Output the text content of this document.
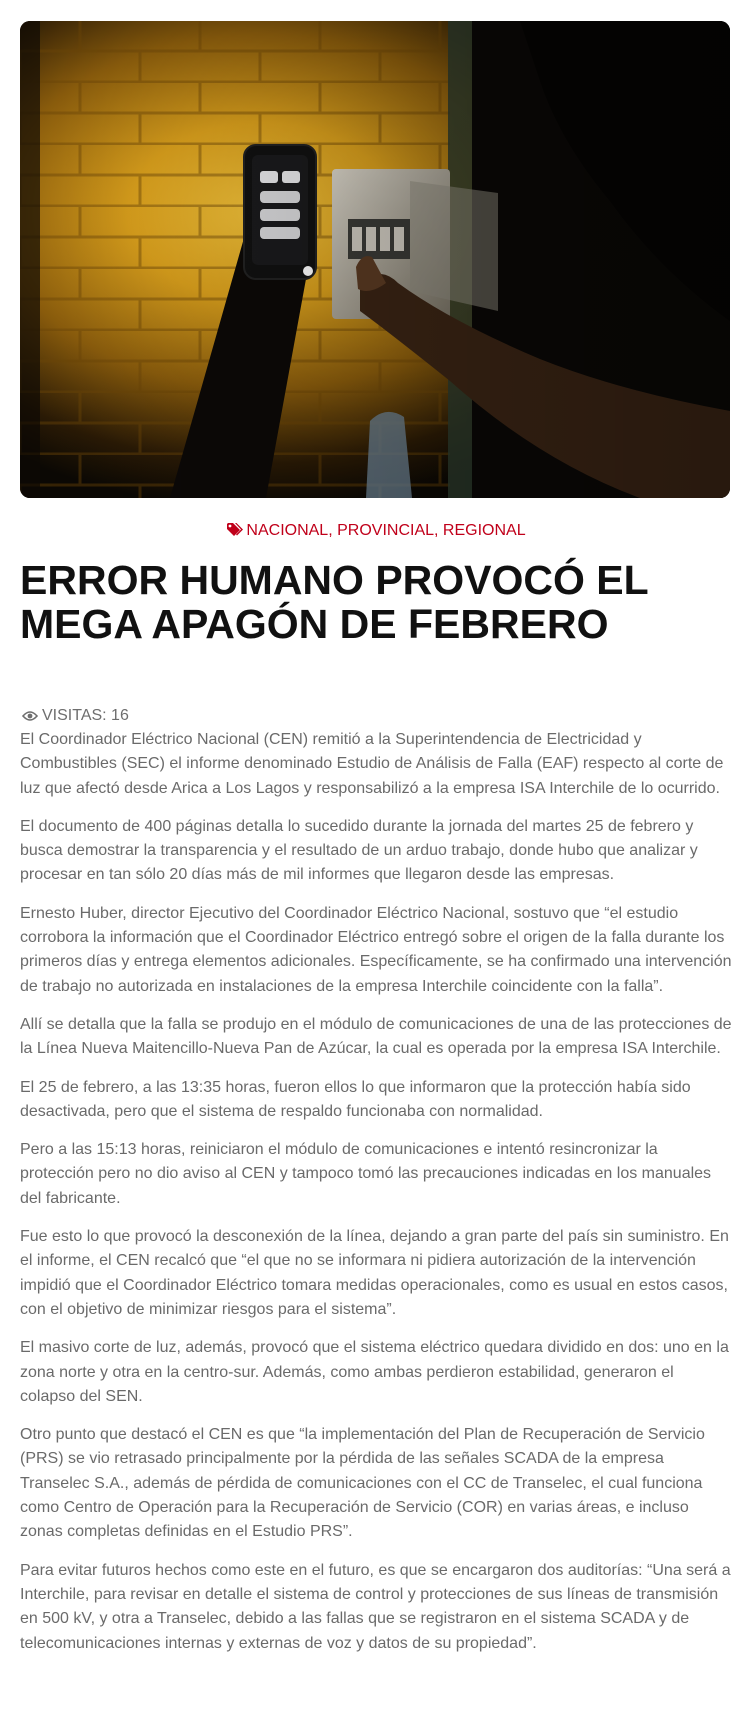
NACIONAL, PROVINCIAL, REGIONAL
ERROR HUMANO PROVOCÓ EL
MEGA APAGÓN DE FEBRERO
VISITAS: 16

El Coordinador Eléctrico Nacional (CEN) remitió a la Superintendencia de Electricidad y Combustibles (SEC) el informe denominado Estudio de Análisis de Falla (EAF) respecto al corte de luz que afectó desde Arica a Los Lagos y responsabilizó a la empresa ISA Interchile de lo ocurrido.

El documento de 400 páginas detalla lo sucedido durante la jornada del martes 25 de febrero y busca demostrar la transparencia y el resultado de un arduo trabajo, donde hubo que analizar y procesar en tan sólo 20 días más de mil informes que llegaron desde las empresas.

Ernesto Huber, director Ejecutivo del Coordinador Eléctrico Nacional, sostuvo que “el estudio corrobora la información que el Coordinador Eléctrico entregó sobre el origen de la falla durante los primeros días y entrega elementos adicionales. Específicamente, se ha confirmado una intervención de trabajo no autorizada en instalaciones de la empresa Interchile coincidente con la falla”.

Allí se detalla que la falla se produjo en el módulo de comunicaciones de una de las protecciones de la Línea Nueva Maitencillo-Nueva Pan de Azúcar, la cual es operada por la empresa ISA Interchile.

El 25 de febrero, a las 13:35 horas, fueron ellos lo que informaron que la protección había sido desactivada, pero que el sistema de respaldo funcionaba con normalidad.

Pero a las 15:13 horas, reiniciaron el módulo de comunicaciones e intentó resincronizar la protección pero no dio aviso al CEN y tampoco tomó las precauciones indicadas en los manuales del fabricante.

Fue esto lo que provocó la desconexión de la línea, dejando a gran parte del país sin suministro. En el informe, el CEN recalcó que “el que no se informara ni pidiera autorización de la intervención impidió que el Coordinador Eléctrico tomara medidas operacionales, como es usual en estos casos, con el objetivo de minimizar riesgos para el sistema”.

El masivo corte de luz, además, provocó que el sistema eléctrico quedara dividido en dos: uno en la zona norte y otra en la centro-sur. Además, como ambas perdieron estabilidad, generaron el colapso del SEN.

Otro punto que destacó el CEN es que “la implementación del Plan de Recuperación de Servicio (PRS) se vio retrasado principalmente por la pérdida de las señales SCADA de la empresa Transelec S.A., además de pérdida de comunicaciones con el CC de Transelec, el cual funciona como Centro de Operación para la Recuperación de Servicio (COR) en varias áreas, e incluso zonas completas definidas en el Estudio PRS”.

Para evitar futuros hechos como este en el futuro, es que se encargaron dos auditorías: “Una será a Interchile, para revisar en detalle el sistema de control y protecciones de sus líneas de transmisión en 500 kV, y otra a Transelec, debido a las fallas que se registraron en el sistema SCADA y de telecomunicaciones internas y externas de voz y datos de su propiedad”.
